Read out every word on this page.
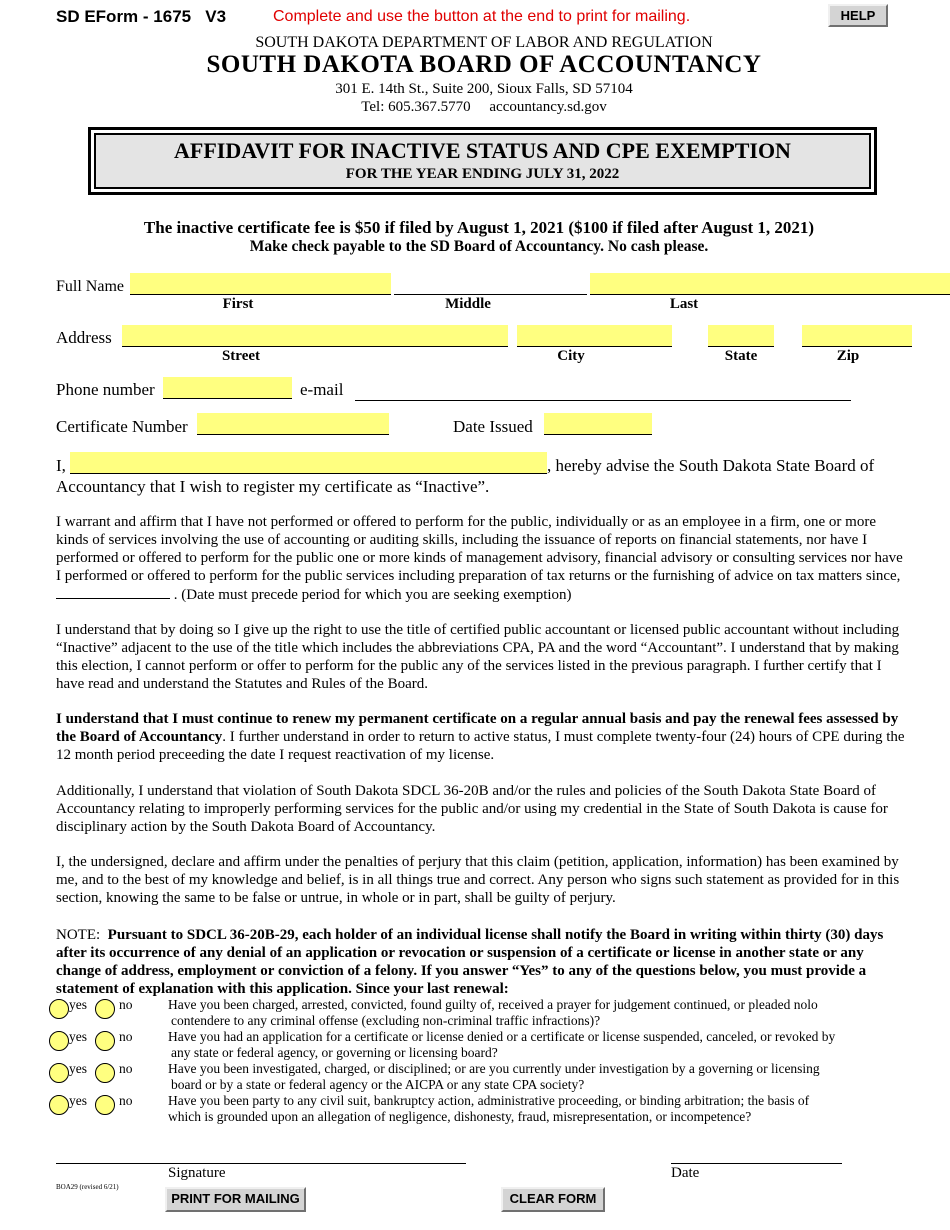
SD EForm - 1675 V3	Complete and use the button at the end to print for mailing.	HELP
SOUTH DAKOTA DEPARTMENT OF LABOR AND REGULATION
SOUTH DAKOTA BOARD OF ACCOUNTANCY
301 E. 14th St., Suite 200, Sioux Falls, SD 57104
Tel: 605.367.5770 accountancy.sd.gov
AFFIDAVIT FOR INACTIVE STATUS AND CPE EXEMPTION
FOR THE YEAR ENDING JULY 31, 2022
The inactive certificate fee is $50 if filed by August 1, 2021 ($100 if filed after August 1, 2021)
Make check payable to the SD Board of Accountancy. No cash please.
Full Name
First	Middle	Last
Address
Street	City	State	Zip
Phone number	e-mail
Certificate Number	Date Issued
I,	, hereby advise the South Dakota State Board of
Accountancy that I wish to register my certificate as “Inactive”.
I warrant and affirm that I have not performed or offered to perform for the public, individually or as an employee in a firm, one or more kinds of services involving the use of accounting or auditing skills, including the issuance of reports on financial statements, nor have I performed or offered to perform for the public one or more kinds of management advisory, financial advisory or consulting services nor have I performed or offered to perform for the public services including preparation of tax returns or the furnishing of advice on tax matters since,  . (Date must precede period for which you are seeking exemption)

I understand that by doing so I give up the right to use the title of certified public accountant or licensed public accountant without including “Inactive” adjacent to the use of the title which includes the abbreviations CPA, PA and the word “Accountant”. I understand that by making this election, I cannot perform or offer to perform for the public any of the services listed in the previous paragraph. I further certify that I have read and understand the Statutes and Rules of the Board.

I understand that I must continue to renew my permanent certificate on a regular annual basis and pay the renewal fees assessed by the Board of Accountancy. I further understand in order to return to active status, I must complete twenty-four (24) hours of CPE during the 12 month period preceeding the date I request reactivation of my license.

Additionally, I understand that violation of South Dakota SDCL 36-20B and/or the rules and policies of the South Dakota State Board of Accountancy relating to improperly performing services for the public and/or using my credential in the State of South Dakota is cause for disciplinary action by the South Dakota Board of Accountancy.

I, the undersigned, declare and affirm under the penalties of perjury that this claim (petition, application, information) has been examined by me, and to the best of my knowledge and belief, is in all things true and correct. Any person who signs such statement as provided for in this section, knowing the same to be false or untrue, in whole or in part, shall be guilty of perjury.

NOTE: Pursuant to SDCL 36-20B-29, each holder of an individual license shall notify the Board in writing within thirty (30) days after its occurrence of any denial of an application or revocation or suspension of a certificate or license in another state or any change of address, employment or conviction of a felony. If you answer “Yes” to any of the questions below, you must provide a statement of explanation with this application. Since your last renewal:
yes no	Have you been charged, arrested, convicted, found guilty of, received a prayer for judgement continued, or pleaded nolo
contendere to any criminal offense (excluding non-criminal traffic infractions)?
yes no	Have you had an application for a certificate or license denied or a certificate or license suspended, canceled, or revoked by
any state or federal agency, or governing or licensing board?
yes no	Have you been investigated, charged, or disciplined; or are you currently under investigation by a governing or licensing
board or by a state or federal agency or the AICPA or any state CPA society?
yes no	Have you been party to any civil suit, bankruptcy action, administrative proceeding, or binding arbitration; the basis of
which is grounded upon an allegation of negligence, dishonesty, fraud, misrepresentation, or incompetence?
Signature	Date
BOA29 (revised 6/21)
PRINT FOR MAILING	CLEAR FORM
